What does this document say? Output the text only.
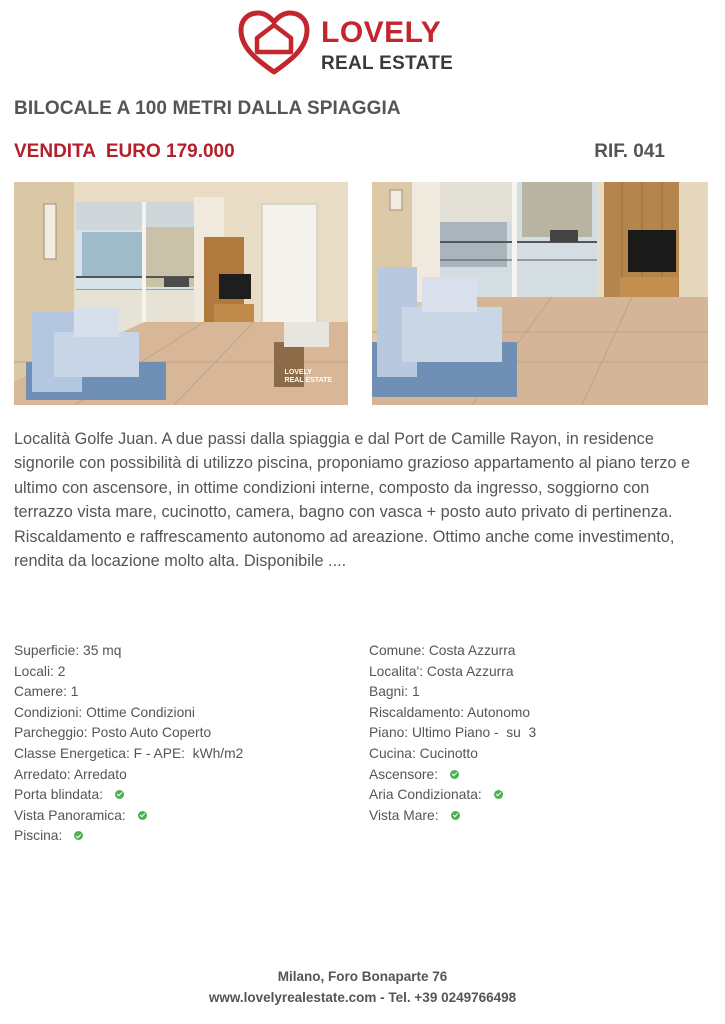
LOVELY
REAL ESTATE
BILOCALE A 100 METRI DALLA SPIAGGIA
VENDITA  EURO 179.000	RIF. 041
LOVELY
REAL ESTATE

Località Golfe Juan. A due passi dalla spiaggia e dal Port de Camille Rayon, in residence signorile con possibilità di utilizzo piscina, proponiamo grazioso appartamento al piano terzo e ultimo con ascensore, in ottime condizioni interne, composto da ingresso, soggiorno con terrazzo vista mare, cucinotto, camera, bagno con vasca + posto auto privato di pertinenza. Riscaldamento e raffrescamento autonomo ad areazione. Ottimo anche come investimento, rendita da locazione molto alta. Disponibile ....

Superficie: 35 mq
Locali: 2
Camere: 1
Condizioni: Ottime Condizioni
Parcheggio: Posto Auto Coperto
Classe Energetica: F - APE:  kWh/m2
Arredato: Arredato
Porta blindata:
Vista Panoramica:
Piscina:
Comune: Costa Azzurra
Localita': Costa Azzurra
Bagni: 1
Riscaldamento: Autonomo
Piano: Ultimo Piano -  su  3
Cucina: Cucinotto
Ascensore:
Aria Condizionata:
Vista Mare:
Milano, Foro Bonaparte 76
www.lovelyrealestate.com - Tel. +39 0249766498
